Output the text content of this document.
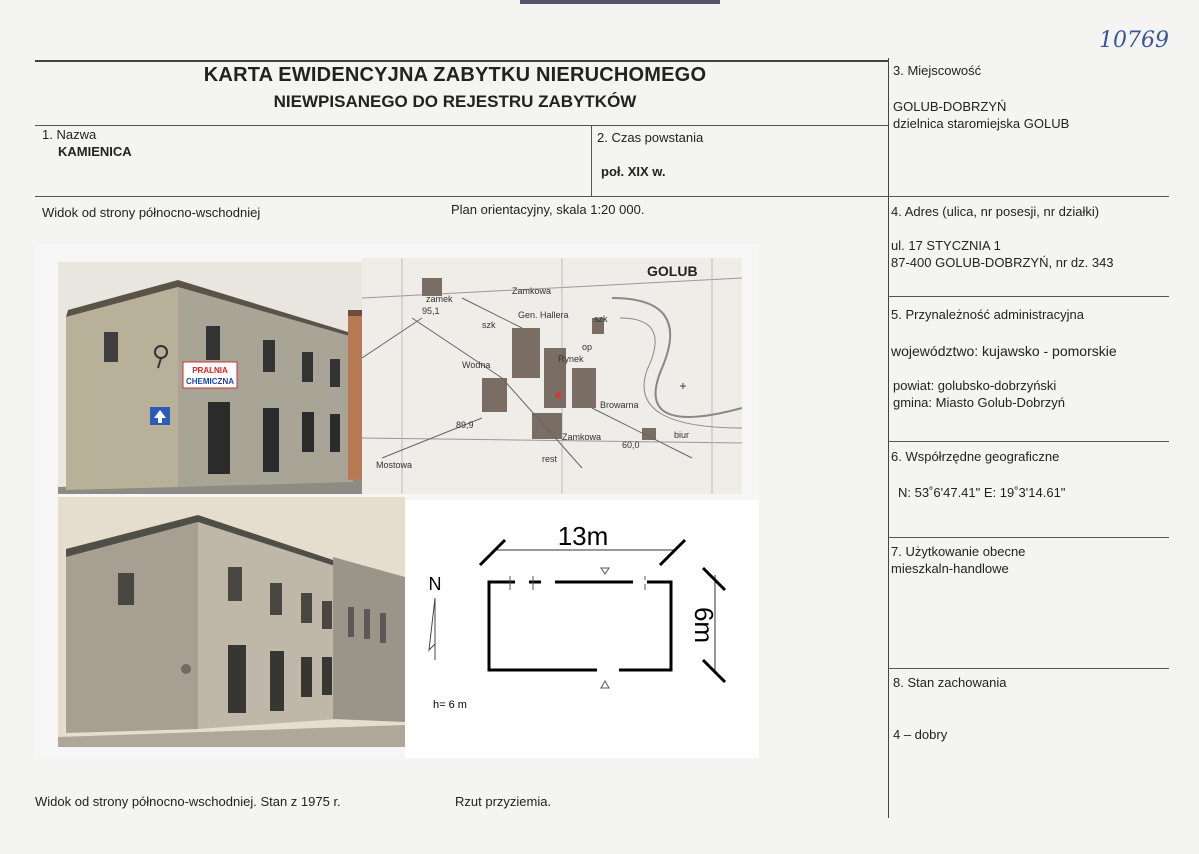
10769
KARTA EWIDENCYJNA ZABYTKU NIERUCHOMEGO
NIEWPISANEGO DO REJESTRU ZABYTKÓW
1. Nazwa
KAMIENICA
2. Czas powstania
poł. XIX w.
3. Miejscowość
GOLUB-DOBRZYŃ
dzielnica staromiejska GOLUB
4. Adres (ulica, nr posesji, nr działki)
ul. 17 STYCZNIA 1
87-400 GOLUB-DOBRZYŃ, nr dz. 343
5. Przynależność administracyjna
województwo: kujawsko - pomorskie
powiat: golubsko-dobrzyński
gmina: Miasto Golub-Dobrzyń
6. Współrzędne geograficzne
N: 53˚6'47.41" E: 19˚3'14.61"
7. Użytkowanie obecne
mieszkaln-handlowe
8. Stan zachowania
4 – dobry
Widok od strony północno-wschodniej	Plan orientacyjny, skala 1:20 000.
Widok od strony północno-wschodniej. Stan z 1975 r.	Rzut przyziemia.
PRALNIA
CHEMICZNA
GOLUB
zamek
95,1
Zamkowa
szk
Rynek
op
szk
Wodna
Gen. Hallera
Browarna
89,9
60,0
biur
rest
Mostowa
Zamkowa
13m
6m
N
h= 6 m
